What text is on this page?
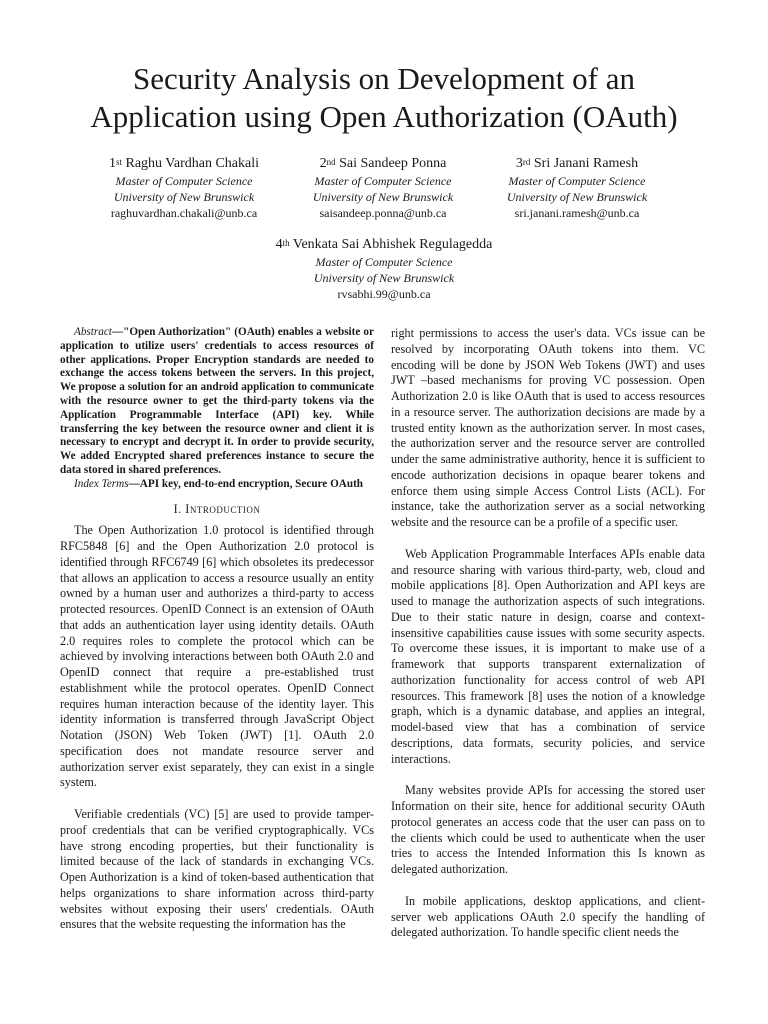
Security Analysis on Development of an
Application using Open Authorization (OAuth)
1st Raghu Vardhan Chakali
Master of Computer Science
University of New Brunswick
raghuvardhan.chakali@unb.ca
2nd Sai Sandeep Ponna
Master of Computer Science
University of New Brunswick
saisandeep.ponna@unb.ca
3rd Sri Janani Ramesh
Master of Computer Science
University of New Brunswick
sri.janani.ramesh@unb.ca
4th Venkata Sai Abhishek Regulagedda
Master of Computer Science
University of New Brunswick
rvsabhi.99@unb.ca

Abstract—"Open Authorization" (OAuth) enables a website or application to utilize users' credentials to access resources of other applications. Proper Encryption standards are needed to exchange the access tokens between the servers. In this project, We propose a solution for an android application to communicate with the resource owner to get the third-party tokens via the Application Programmable Interface (API) key. While transferring the key between the resource owner and client it is necessary to encrypt and decrypt it. In order to provide security, We added Encrypted shared preferences instance to secure the data stored in shared preferences.

Index Terms—API key, end-to-end encryption, Secure OAuth

I. Introduction

The Open Authorization 1.0 protocol is identified through RFC5848 [6] and the Open Authorization 2.0 protocol is identified through RFC6749 [6] which obsoletes its predecessor that allows an application to access a resource usually an entity owned by a human user and authorizes a third-party to access protected resources. OpenID Connect is an extension of OAuth that adds an authentication layer using identity details. OAuth 2.0 requires roles to complete the protocol which can be achieved by involving interactions between both OAuth 2.0 and OpenID connect that require a pre-established trust establishment while the protocol operates. OpenID Connect requires human interaction because of the identity layer. This identity information is transferred through JavaScript Object Notation (JSON) Web Token (JWT) [1]. OAuth 2.0 specification does not mandate resource server and authorization server exist separately, they can exist in a single system.

Verifiable credentials (VC) [5] are used to provide tamper-proof credentials that can be verified cryptographically. VCs have strong encoding properties, but their functionality is limited because of the lack of standards in exchanging VCs. Open Authorization is a kind of token-based authentication that helps organizations to share information across third-party websites without exposing their users' credentials. OAuth ensures that the website requesting the information has the

right permissions to access the user's data. VCs issue can be resolved by incorporating OAuth tokens into them. VC encoding will be done by JSON Web Tokens (JWT) and uses JWT –based mechanisms for proving VC possession. Open Authorization 2.0 is like OAuth that is used to access resources in a resource server. The authorization decisions are made by a trusted entity known as the authorization server. In most cases, the authorization server and the resource server are controlled under the same administrative authority, hence it is sufficient to encode authorization decisions in opaque bearer tokens and enforce them using simple Access Control Lists (ACL). For instance, take the authorization server as a social networking website and the resource can be a profile of a specific user.

Web Application Programmable Interfaces APIs enable data and resource sharing with various third-party, web, cloud and mobile applications [8]. Open Authorization and API keys are used to manage the authorization aspects of such integrations. Due to their static nature in design, coarse and context-insensitive capabilities cause issues with some security aspects. To overcome these issues, it is important to make use of a framework that supports transparent externalization of authorization functionality for access control of web API resources. This framework [8] uses the notion of a knowledge graph, which is a dynamic database, and applies an integral, model-based view that has a combination of service descriptions, data formats, security policies, and service interactions.

Many websites provide APIs for accessing the stored user Information on their site, hence for additional security OAuth protocol generates an access code that the user can pass on to the clients which could be used to authenticate when the user tries to access the Intended Information this Is known as delegated authorization.

In mobile applications, desktop applications, and client-server web applications OAuth 2.0 specify the handling of delegated authorization. To handle specific client needs the
